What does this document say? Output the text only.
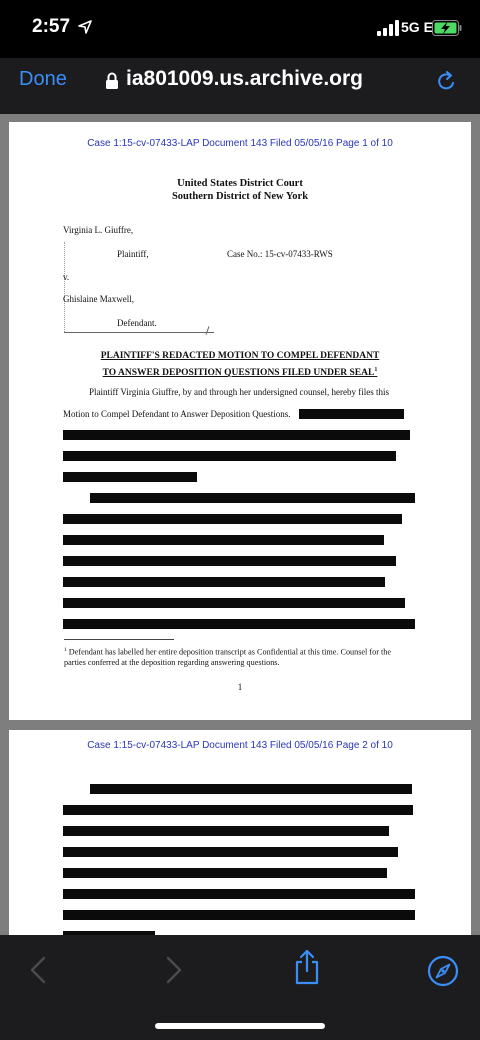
2:57	5G E
Done	ia801009.us.archive.org
Case 1:15-cv-07433-LAP Document 143 Filed 05/05/16 Page 1 of 10
United States District Court
Southern District of New York
Virginia L. Giuffre,
Plaintiff,	Case No.: 15-cv-07433-RWS
v.
Ghislaine Maxwell,
Defendant.
PLAINTIFF'S REDACTED MOTION TO COMPEL DEFENDANT
TO ANSWER DEPOSITION QUESTIONS FILED UNDER SEAL$^1$
Plaintiff Virginia Giuffre, by and through her undersigned counsel, hereby files this
Motion to Compel Defendant to Answer Deposition Questions.
$^1$ Defendant has labelled her entire deposition transcript as Confidential at this time. Counsel for the parties conferred at the deposition regarding answering questions.
1
Case 1:15-cv-07433-LAP Document 143 Filed 05/05/16 Page 2 of 10
